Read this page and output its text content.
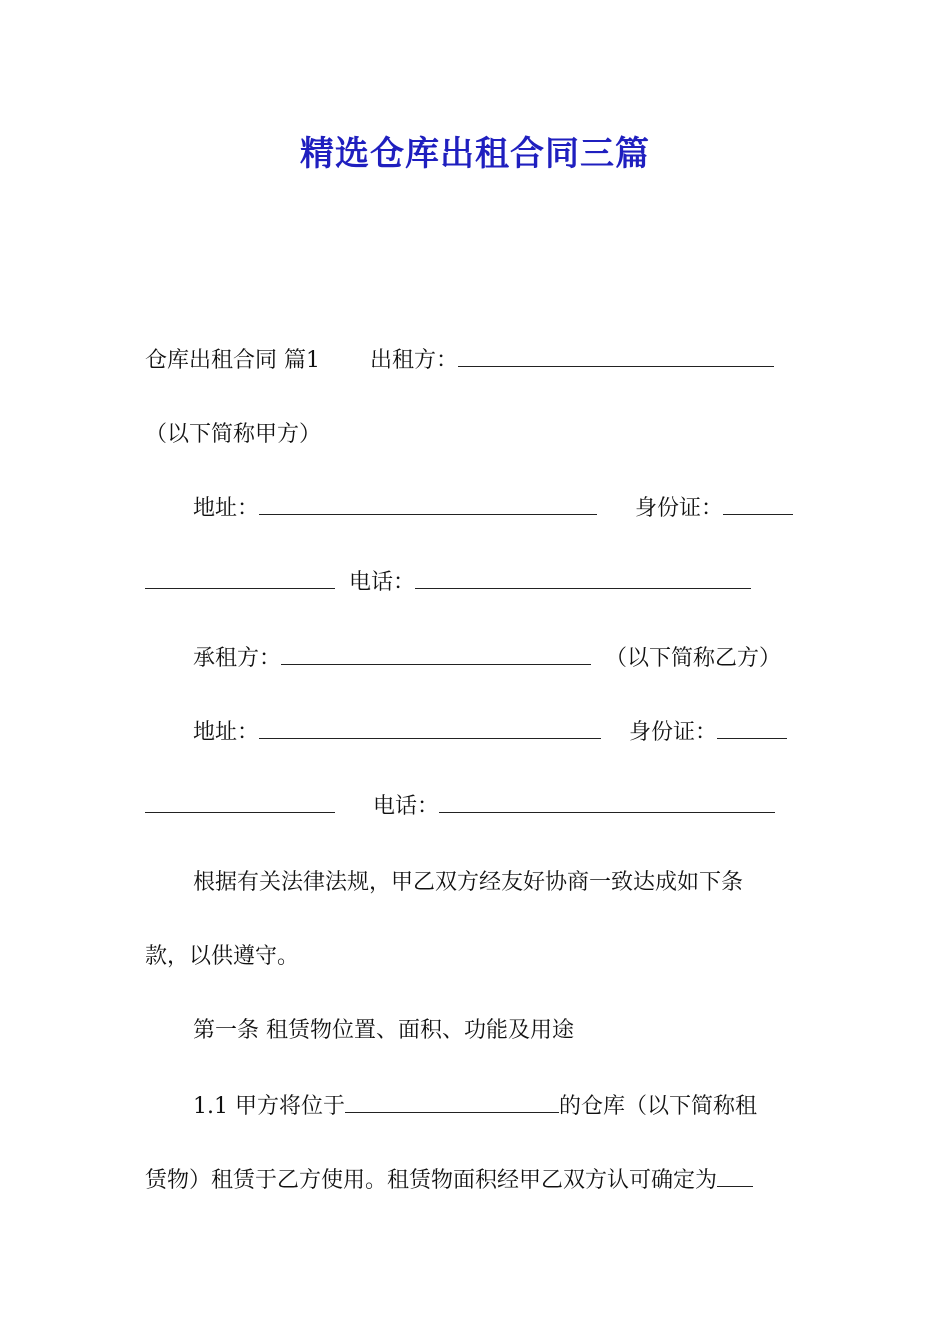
精选仓库出租合同三篇
仓库出租合同 篇1 出租方：
（以下简称甲方）
地址：	身份证：
电话：
承租方：	（以下简称乙方）
地址：	身份证：
电话：
根据有关法律法规，甲乙双方经友好协商一致达成如下条
款，以供遵守。
第一条 租赁物位置、面积、功能及用途
1.1 甲方将位于	的仓库（以下简称租
赁物）租赁于乙方使用。租赁物面积经甲乙双方认可确定为
